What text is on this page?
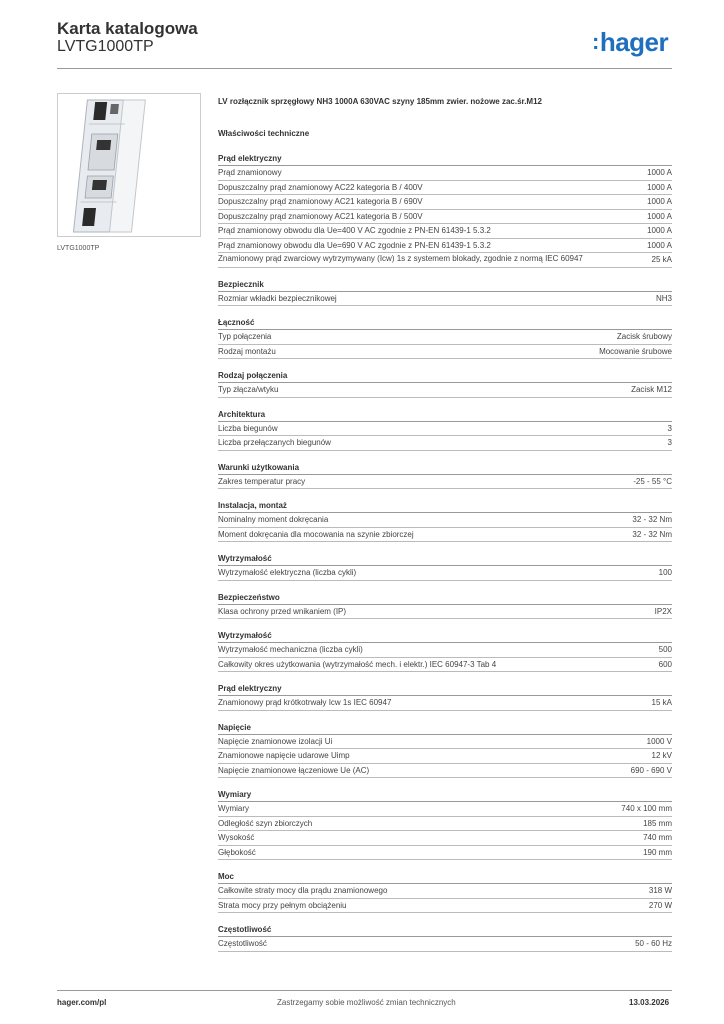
Karta katalogowa
LVTG1000TP	:hager
LVTG1000TP
LV rozłącznik sprzęgłowy NH3 1000A 630VAC szyny 185mm zwier. nożowe zac.śr.M12
Właściwości techniczne
Prąd elektryczny
Prąd znamionowy	1000 A
Dopuszczalny prąd znamionowy AC22 kategoria B / 400V	1000 A
Dopuszczalny prąd znamionowy AC21 kategoria B / 690V	1000 A
Dopuszczalny prąd znamionowy AC21 kategoria B / 500V	1000 A
Prąd znamionowy obwodu dla Ue=400 V AC zgodnie z PN-EN 61439-1 5.3.2	1000 A
Prąd znamionowy obwodu dla Ue=690 V AC zgodnie z PN-EN 61439-1 5.3.2	1000 A
Znamionowy prąd zwarciowy wytrzymywany (Icw) 1s z systemem blokady, zgodnie z normą IEC 60947	25 kA
Bezpiecznik
Rozmiar wkładki bezpiecznikowej	NH3
Łączność
Typ połączenia	Zacisk śrubowy
Rodzaj montażu	Mocowanie śrubowe
Rodzaj połączenia
Typ złącza/wtyku	Zacisk M12
Architektura
Liczba biegunów	3
Liczba przełączanych biegunów	3
Warunki użytkowania
Zakres temperatur pracy	-25 - 55 °C
Instalacja, montaż
Nominalny moment dokręcania	32 - 32 Nm
Moment dokręcania dla mocowania na szynie zbiorczej	32 - 32 Nm
Wytrzymałość
Wytrzymałość elektryczna (liczba cykli)	100
Bezpieczeństwo
Klasa ochrony przed wnikaniem (IP)	IP2X
Wytrzymałość
Wytrzymałość mechaniczna (liczba cykli)	500
Całkowity okres użytkowania (wytrzymałość mech. i elektr.) IEC 60947-3 Tab 4	600
Prąd elektryczny
Znamionowy prąd krótkotrwały Icw 1s IEC 60947	15 kA
Napięcie
Napięcie znamionowe izolacji Ui	1000 V
Znamionowe napięcie udarowe Uimp	12 kV
Napięcie znamionowe łączeniowe Ue (AC)	690 - 690 V
Wymiary
Wymiary	740 x 100 mm
Odległość szyn zbiorczych	185 mm
Wysokość	740 mm
Głębokość	190 mm
Moc
Całkowite straty mocy dla prądu znamionowego	318 W
Strata mocy przy pełnym obciążeniu	270 W
Częstotliwość
Częstotliwość	50 - 60 Hz
hager.com/pl	Zastrzegamy sobie możliwość zmian technicznych	13.03.2026
